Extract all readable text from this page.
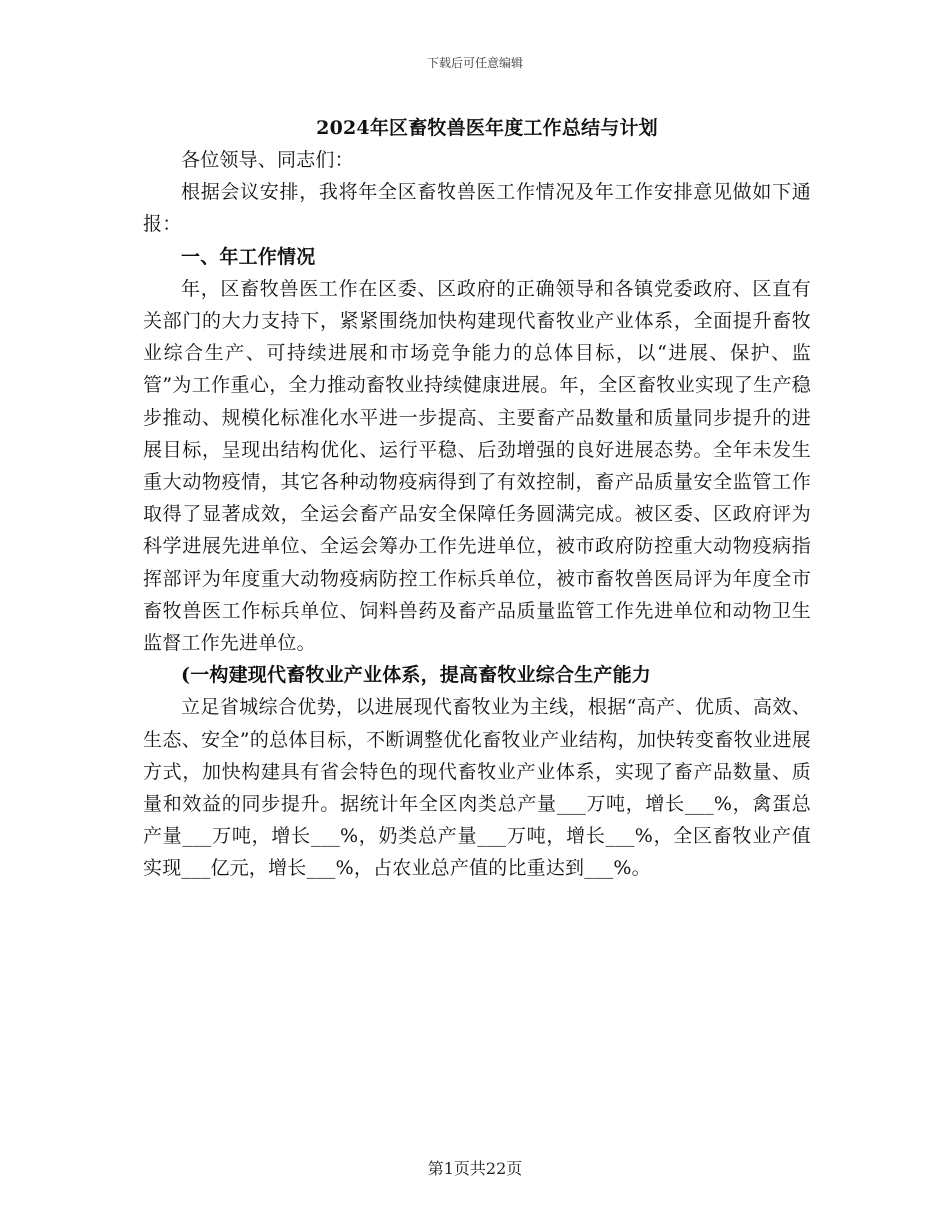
下载后可任意编辑

2024年区畜牧兽医年度工作总结与计划

各位领导、同志们：

根据会议安排，我将年全区畜牧兽医工作情况及年工作安排意见做如下通报：

一、年工作情况

年，区畜牧兽医工作在区委、区政府的正确领导和各镇党委政府、区直有关部门的大力支持下，紧紧围绕加快构建现代畜牧业产业体系，全面提升畜牧业综合生产、可持续进展和市场竞争能力的总体目标，以“进展、保护、监管”为工作重心，全力推动畜牧业持续健康进展。年，全区畜牧业实现了生产稳步推动、规模化标准化水平进一步提高、主要畜产品数量和质量同步提升的进展目标，呈现出结构优化、运行平稳、后劲增强的良好进展态势。全年未发生重大动物疫情，其它各种动物疫病得到了有效控制，畜产品质量安全监管工作取得了显著成效，全运会畜产品安全保障任务圆满完成。被区委、区政府评为科学进展先进单位、全运会筹办工作先进单位，被市政府防控重大动物疫病指挥部评为年度重大动物疫病防控工作标兵单位，被市畜牧兽医局评为年度全市畜牧兽医工作标兵单位、饲料兽药及畜产品质量监管工作先进单位和动物卫生监督工作先进单位。

(一构建现代畜牧业产业体系，提高畜牧业综合生产能力

立足省城综合优势，以进展现代畜牧业为主线，根据“高产、优质、高效、生态、安全”的总体目标，不断调整优化畜牧业产业结构，加快转变畜牧业进展方式，加快构建具有省会特色的现代畜牧业产业体系，实现了畜产品数量、质量和效益的同步提升。据统计年全区肉类总产量___万吨，增长___%，禽蛋总产量___万吨，增长___%，奶类总产量___万吨，增长___%，全区畜牧业产值实现___亿元，增长___%，占农业总产值的比重达到___%。

第1页共22页
